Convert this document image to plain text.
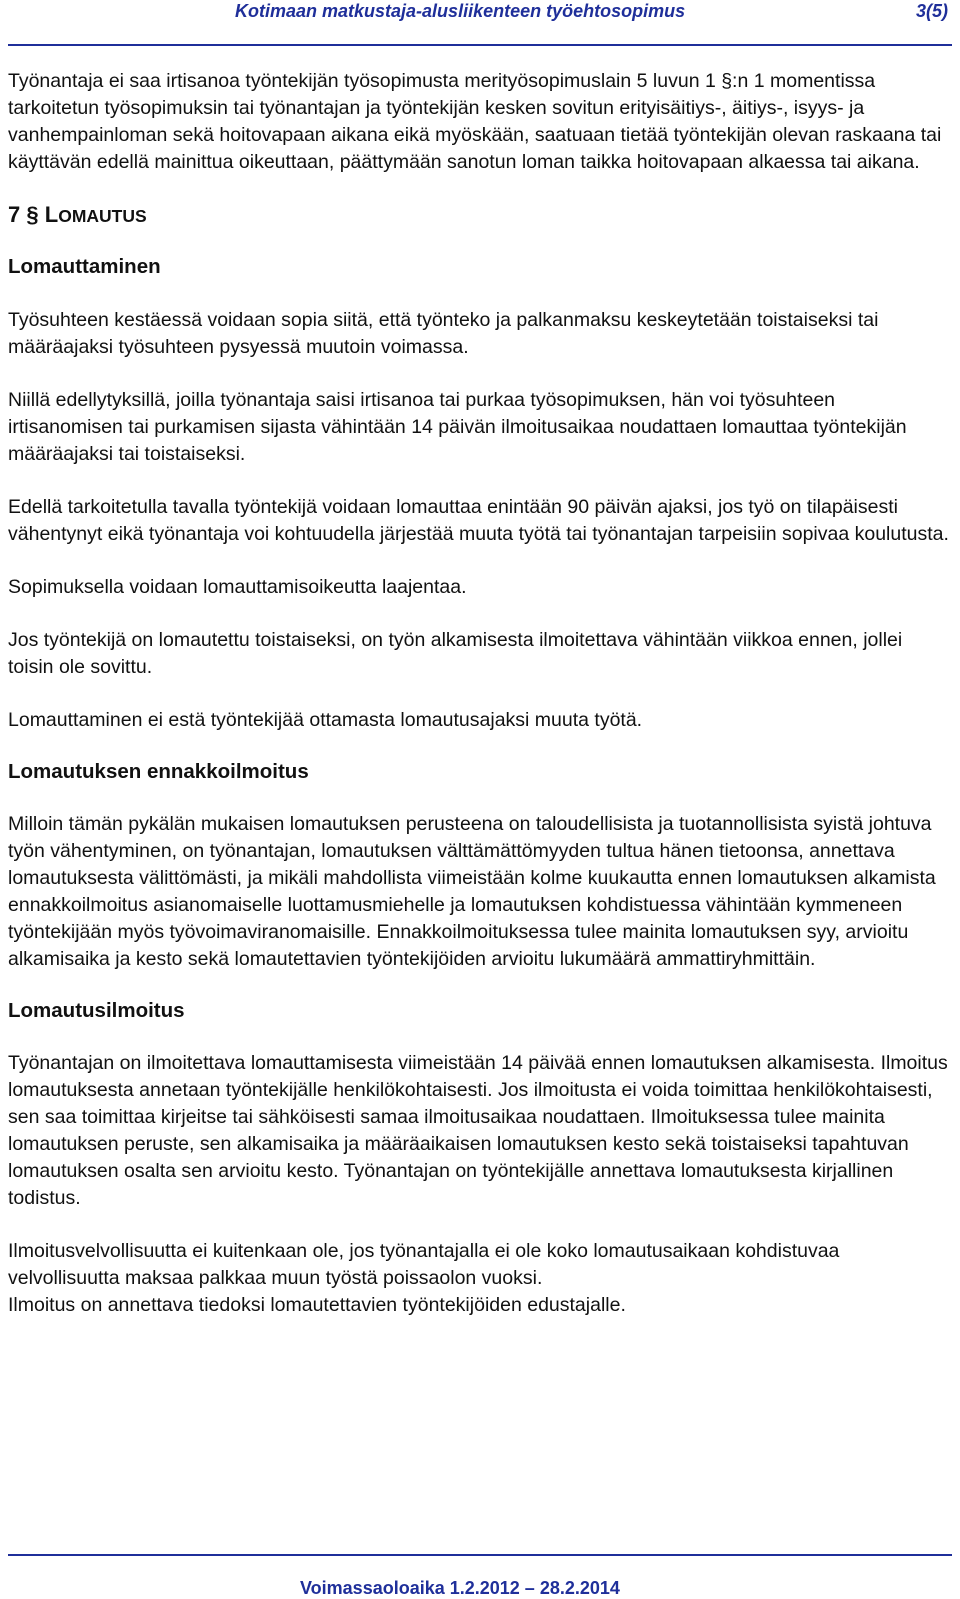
Kotimaan matkustaja-alusliikenteen työehtosopimus	3(5)

Työnantaja ei saa irtisanoa työntekijän työsopimusta merityösopimuslain 5 luvun 1 §:n 1 momentissa tarkoitetun työsopimuksin tai työnantajan ja työntekijän kesken sovitun erityisäitiys-, äitiys-, isyys- ja vanhempainloman sekä hoitovapaan aikana eikä myöskään, saatuaan tietää työntekijän olevan raskaana tai käyttävän edellä mainittua oikeuttaan, päättymään sanotun loman taikka hoitovapaan alkaessa tai aikana.

7 § LOMAUTUS
Lomauttaminen

Työsuhteen kestäessä voidaan sopia siitä, että työnteko ja palkanmaksu keskeytetään toistaiseksi tai määräajaksi työsuhteen pysyessä muutoin voimassa.

Niillä edellytyksillä, joilla työnantaja saisi irtisanoa tai purkaa työsopimuksen, hän voi työsuhteen irtisanomisen tai purkamisen sijasta vähintään 14 päivän ilmoitusaikaa noudattaen lomauttaa työntekijän määräajaksi tai toistaiseksi.

Edellä tarkoitetulla tavalla työntekijä voidaan lomauttaa enintään 90 päivän ajaksi, jos työ on tilapäisesti vähentynyt eikä työnantaja voi kohtuudella järjestää muuta työtä tai työnantajan tarpeisiin sopivaa koulutusta.

Sopimuksella voidaan lomauttamisoikeutta laajentaa.

Jos työntekijä on lomautettu toistaiseksi, on työn alkamisesta ilmoitettava vähintään viikkoa ennen, jollei toisin ole sovittu.

Lomauttaminen ei estä työntekijää ottamasta lomautusajaksi muuta työtä.

Lomautuksen ennakkoilmoitus

Milloin tämän pykälän mukaisen lomautuksen perusteena on taloudellisista ja tuotannollisista syistä johtuva työn vähentyminen, on työnantajan, lomautuksen välttämättömyyden tultua hänen tietoonsa, annettava lomautuksesta välittömästi, ja mikäli mahdollista viimeistään kolme kuukautta ennen lomautuksen alkamista ennakkoilmoitus asianomaiselle luottamusmiehelle ja lomautuksen kohdistuessa vähintään kymmeneen työntekijään myös työvoimaviranomaisille. Ennakkoilmoituksessa tulee mainita lomautuksen syy, arvioitu alkamisaika ja kesto sekä lomautettavien työntekijöiden arvioitu lukumäärä ammattiryhmittäin.

Lomautusilmoitus

Työnantajan on ilmoitettava lomauttamisesta viimeistään 14 päivää ennen lomautuksen alkamisesta. Ilmoitus lomautuksesta annetaan työntekijälle henkilökohtaisesti. Jos ilmoitusta ei voida toimittaa henkilökohtaisesti, sen saa toimittaa kirjeitse tai sähköisesti samaa ilmoitusaikaa noudattaen. Ilmoituksessa tulee mainita lomautuksen peruste, sen alkamisaika ja määräaikaisen lomautuksen kesto sekä toistaiseksi tapahtuvan lomautuksen osalta sen arvioitu kesto. Työnantajan on työntekijälle annettava lomautuksesta kirjallinen todistus.

Ilmoitusvelvollisuutta ei kuitenkaan ole, jos työnantajalla ei ole koko lomautusaikaan kohdistuvaa velvollisuutta maksaa palkkaa muun työstä poissaolon vuoksi.

Ilmoitus on annettava tiedoksi lomautettavien työntekijöiden edustajalle.

Voimassaoloaika 1.2.2012 – 28.2.2014
